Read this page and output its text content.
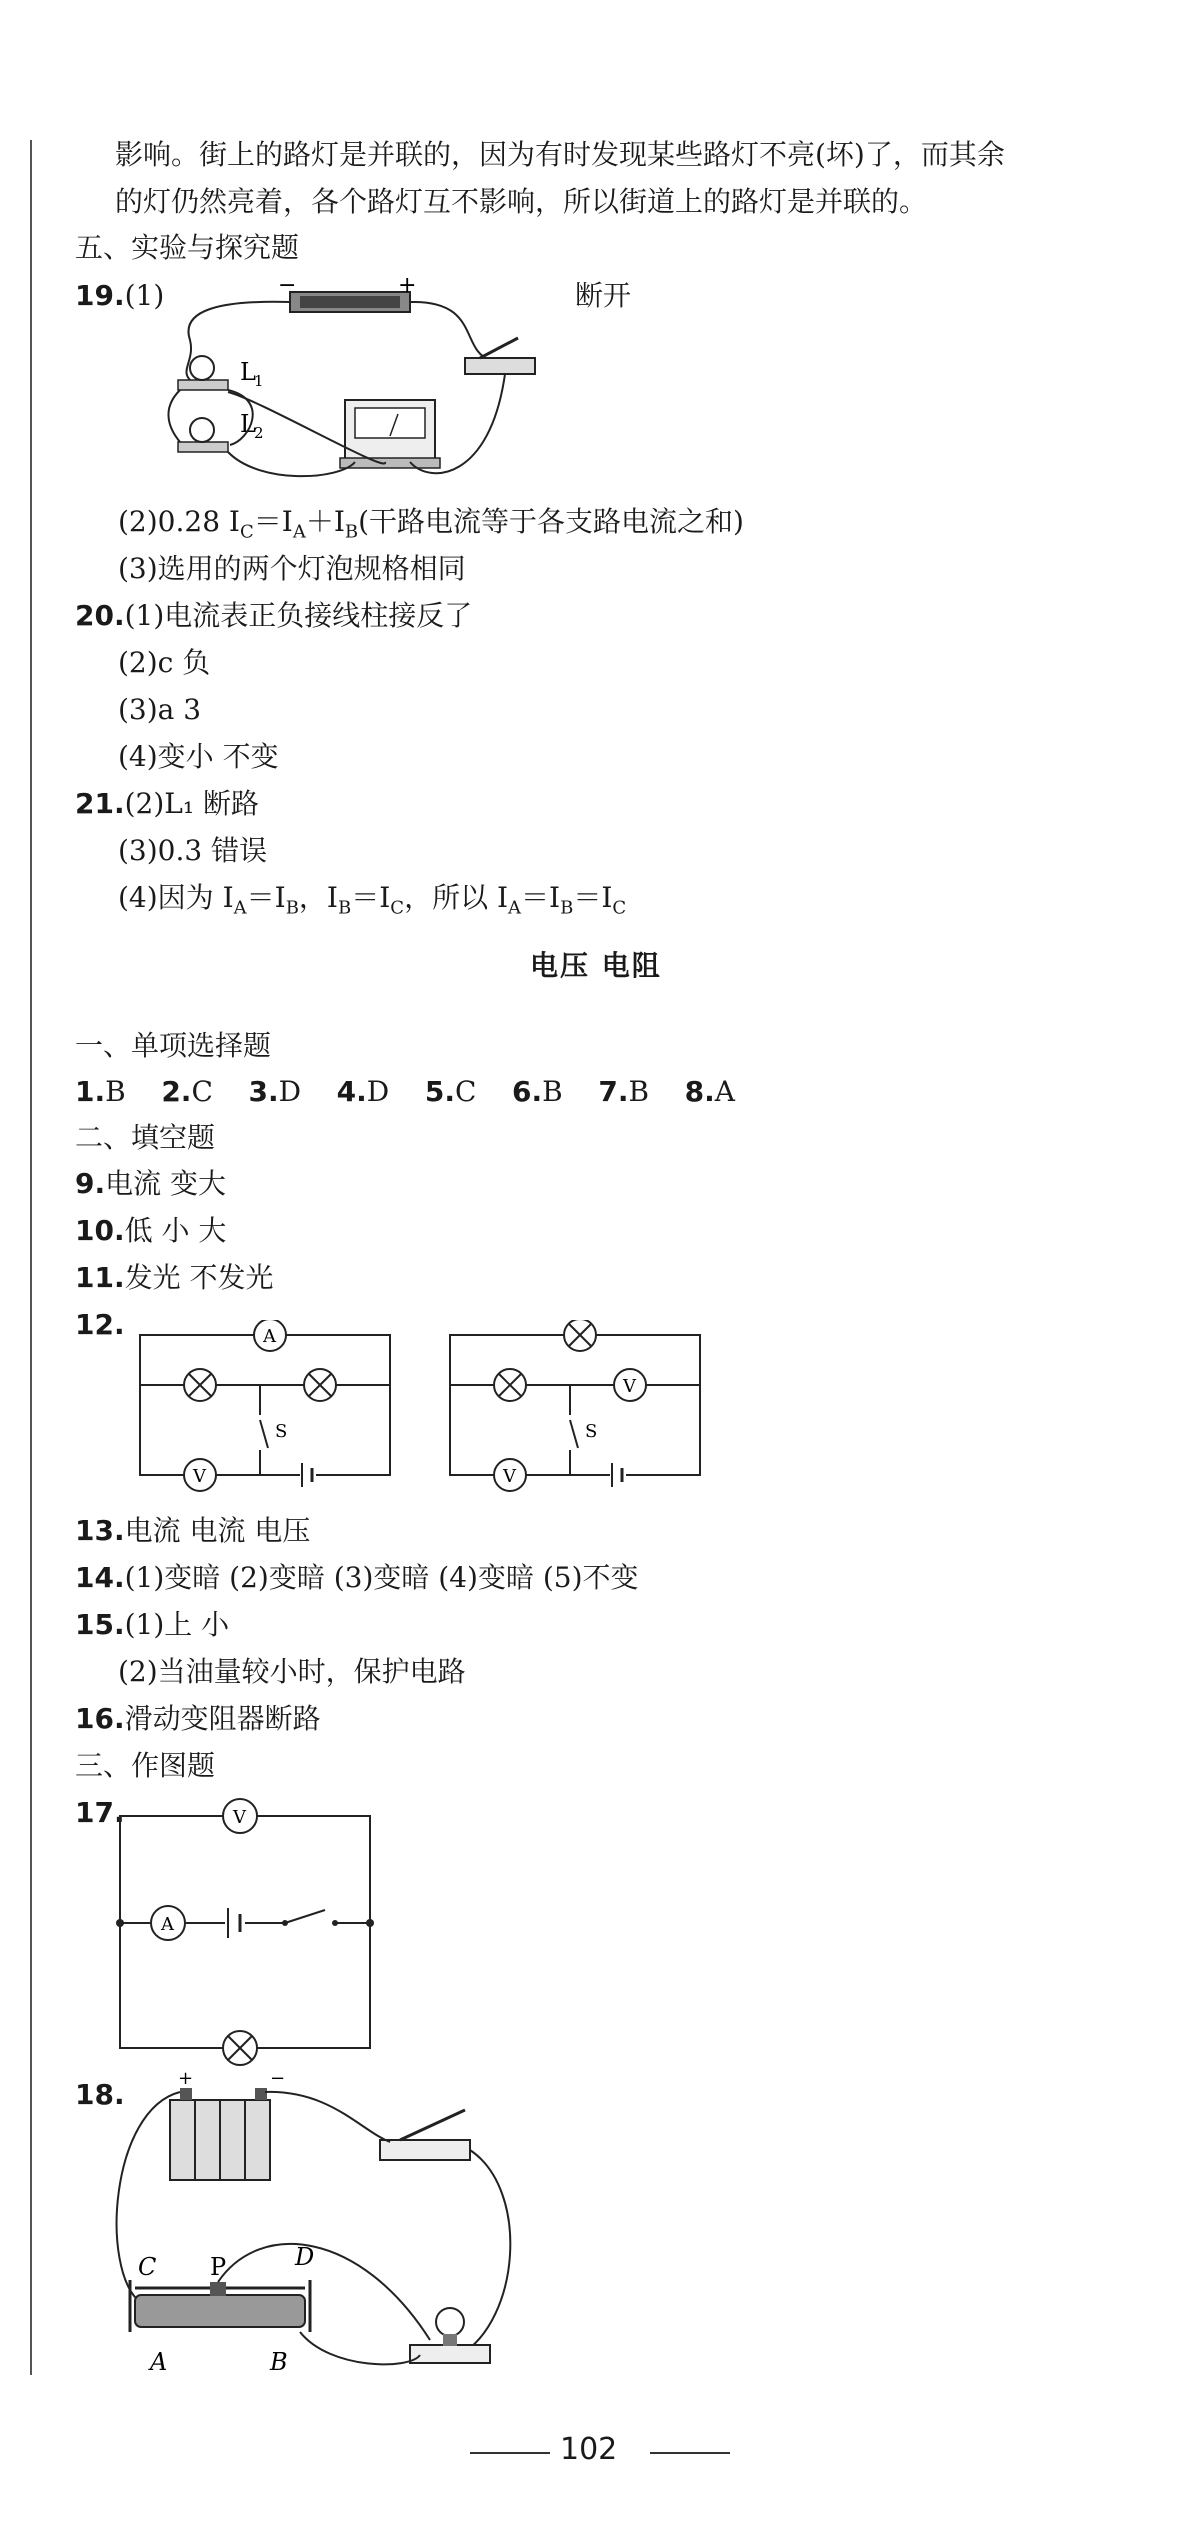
影响。街上的路灯是并联的，因为有时发现某些路灯不亮(坏)了，而其余
的灯仍然亮着，各个路灯互不影响，所以街道上的路灯是并联的。
五、实验与探究题
19.(1)	断开
−	+
L
1
L
2
(2)0.28 $I_C=I_A+I_B$(干路电流等于各支路电流之和)
(3)选用的两个灯泡规格相同
20.(1)电流表正负接线柱接反了
(2)c 负
(3)a 3
(4)变小 不变
21.(2)L₁ 断路
(3)0.3 错误
(4)因为 $I_A=I_B$，$I_B=I_C$，所以 $I_A=I_B=I_C$
电压 电阻
一、单项选择题
1.B 2.C 3.D 4.D 5.C 6.B 7.B 8.A
二、填空题
9.电流 变大
10.低 小 大
11.发光 不发光
12.	A
S
V
V
S
V
13.电流 电流 电压
14.(1)变暗 (2)变暗 (3)变暗 (4)变暗 (5)不变
15.(1)上 小
(2)当油量较小时，保护电路
16.滑动变阻器断路
三、作图题
17.	V
A
18.	+	−
C P	D
A	B
102
